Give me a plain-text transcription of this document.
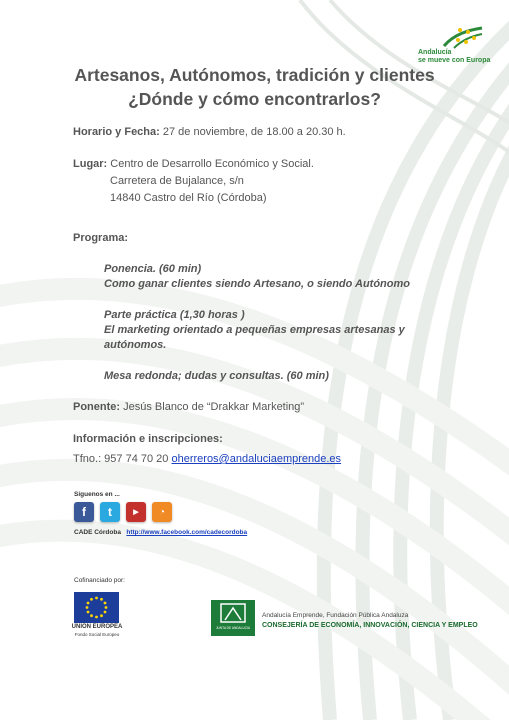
Andalucía
se mueve con Europa
Artesanos, Autónomos, tradición y clientes
¿Dónde y cómo encontrarlos?
Horario y Fecha: 27 de noviembre, de 18.00 a 20.30 h.
Lugar: Centro de Desarrollo Económico y Social.
Carretera de Bujalance, s/n
14840 Castro del Río (Córdoba)
Programa:
Ponencia. (60 min)
Como ganar clientes siendo Artesano, o siendo Autónomo
Parte práctica (1,30 horas )
El marketing orientado a pequeñas empresas artesanas y
autónomos.
Mesa redonda; dudas y consultas. (60 min)
Ponente: Jesús Blanco de “Drakkar Marketing”
Información e inscripciones:
Tfno.: 957 74 70 20 oherreros@andaluciaemprende.es
Síguenos en ...
f	t	▶	◔
CADE Córdoba http://www.facebook.com/cadecordoba
Cofinanciado por:
UNIÓN EUROPEA
Fondo Social Europeo
JUNTA DE ANDALUCIA
Andalucía Emprende, Fundación Pública Andaluza
CONSEJERÍA DE ECONOMÍA, INNOVACIÓN, CIENCIA Y EMPLEO
